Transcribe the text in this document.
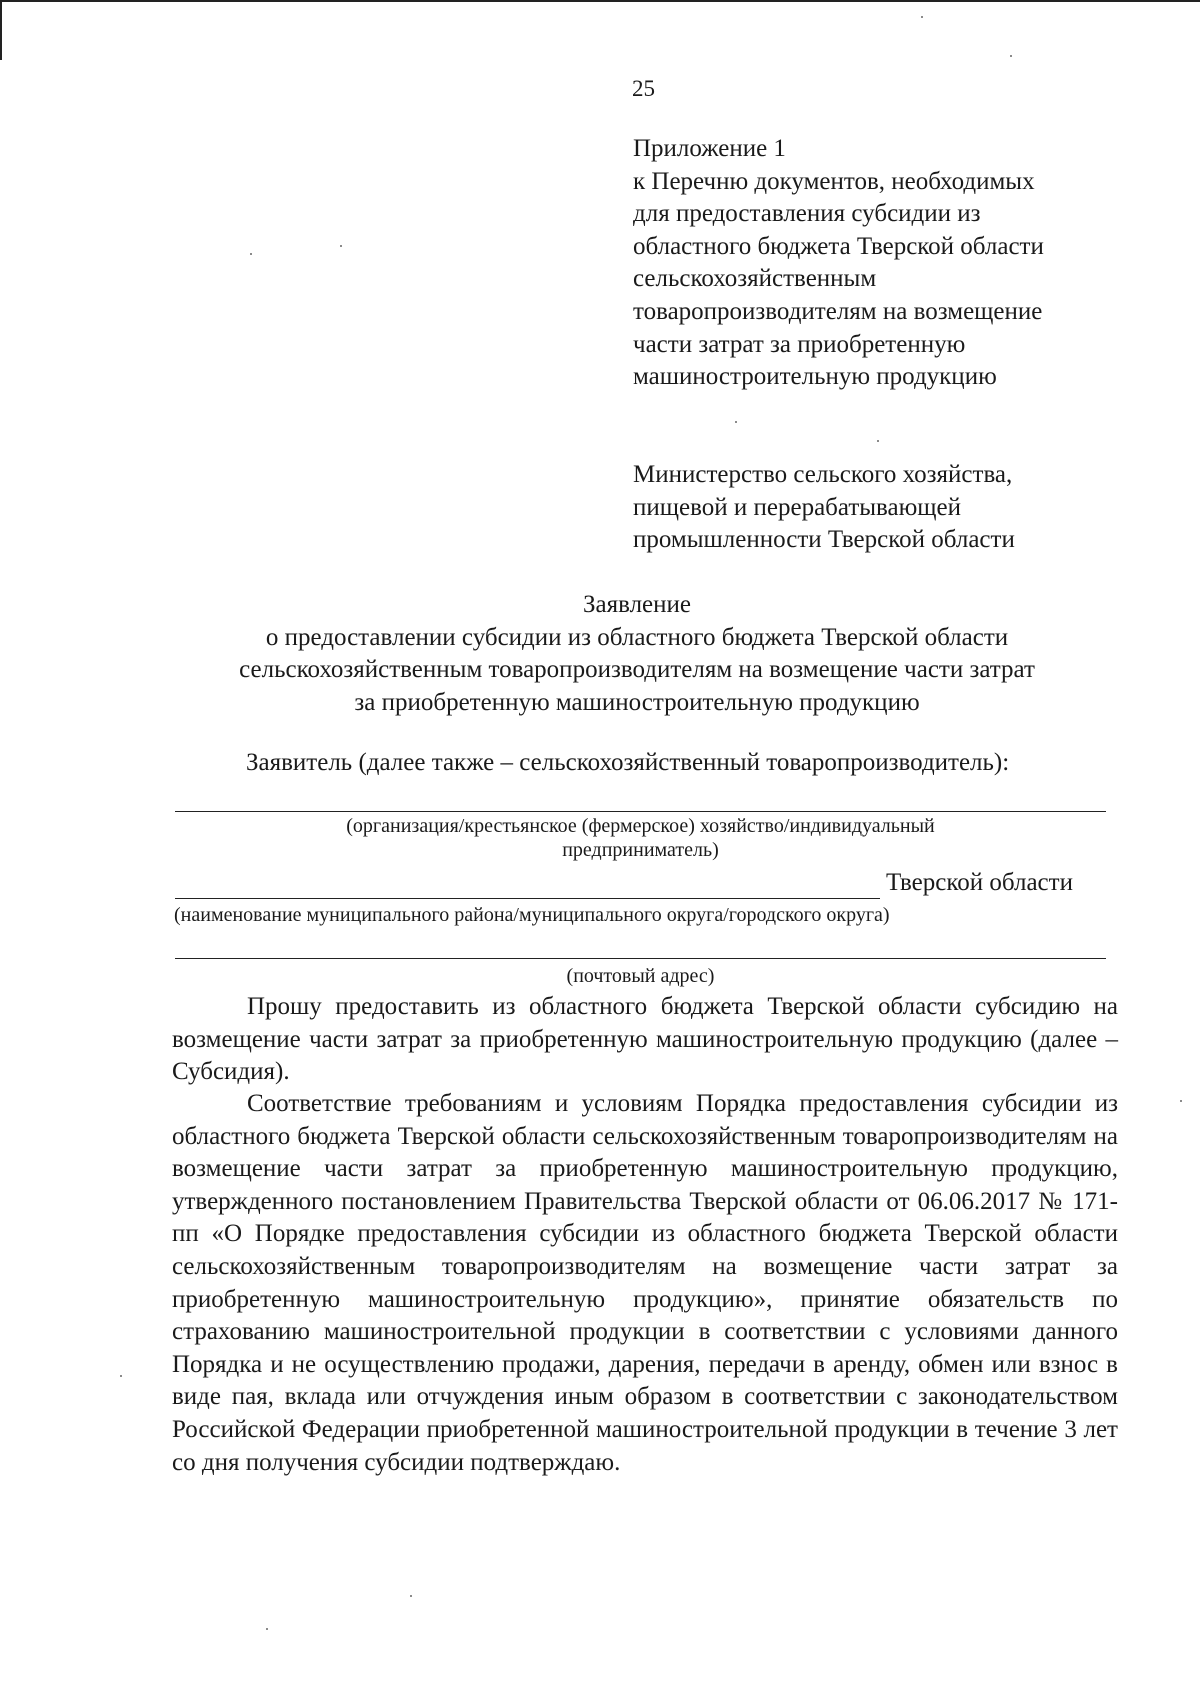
25
Приложение 1
к Перечню документов, необходимых
для предоставления субсидии из
областного бюджета Тверской области
сельскохозяйственным
товаропроизводителям на возмещение
части затрат за приобретенную
машиностроительную продукцию
Министерство сельского хозяйства,
пищевой и перерабатывающей
промышленности Тверской области
Заявление
о предоставлении субсидии из областного бюджета Тверской области
сельскохозяйственным товаропроизводителям на возмещение части затрат
за приобретенную машиностроительную продукцию
Заявитель (далее также – сельскохозяйственный товаропроизводитель):
(организация/крестьянское (фермерское) хозяйство/индивидуальный
предприниматель)
Тверской области
(наименование муниципального района/муниципального округа/городского округа)
(почтовый адрес)

Прошу предоставить из областного бюджета Тверской области субсидию на возмещение части затрат за приобретенную машиностроительную продукцию (далее – Субсидия).

Соответствие требованиям и условиям Порядка предоставления субсидии из областного бюджета Тверской области сельскохозяйственным товаропроизводителям на возмещение части затрат за приобретенную машиностроительную продукцию, утвержденного постановлением Правительства Тверской области от 06.06.2017 № 171-пп «О Порядке предоставления субсидии из областного бюджета Тверской области сельскохозяйственным товаропроизводителям на возмещение части затрат за приобретенную машиностроительную продукцию», принятие обязательств по страхованию машиностроительной продукции в соответствии с условиями данного Порядка и не осуществлению продажи, дарения, передачи в аренду, обмен или взнос в виде пая, вклада или отчуждения иным образом в соответствии с законодательством Российской Федерации приобретенной машиностроительной продукции в течение 3 лет со дня получения субсидии подтверждаю.
